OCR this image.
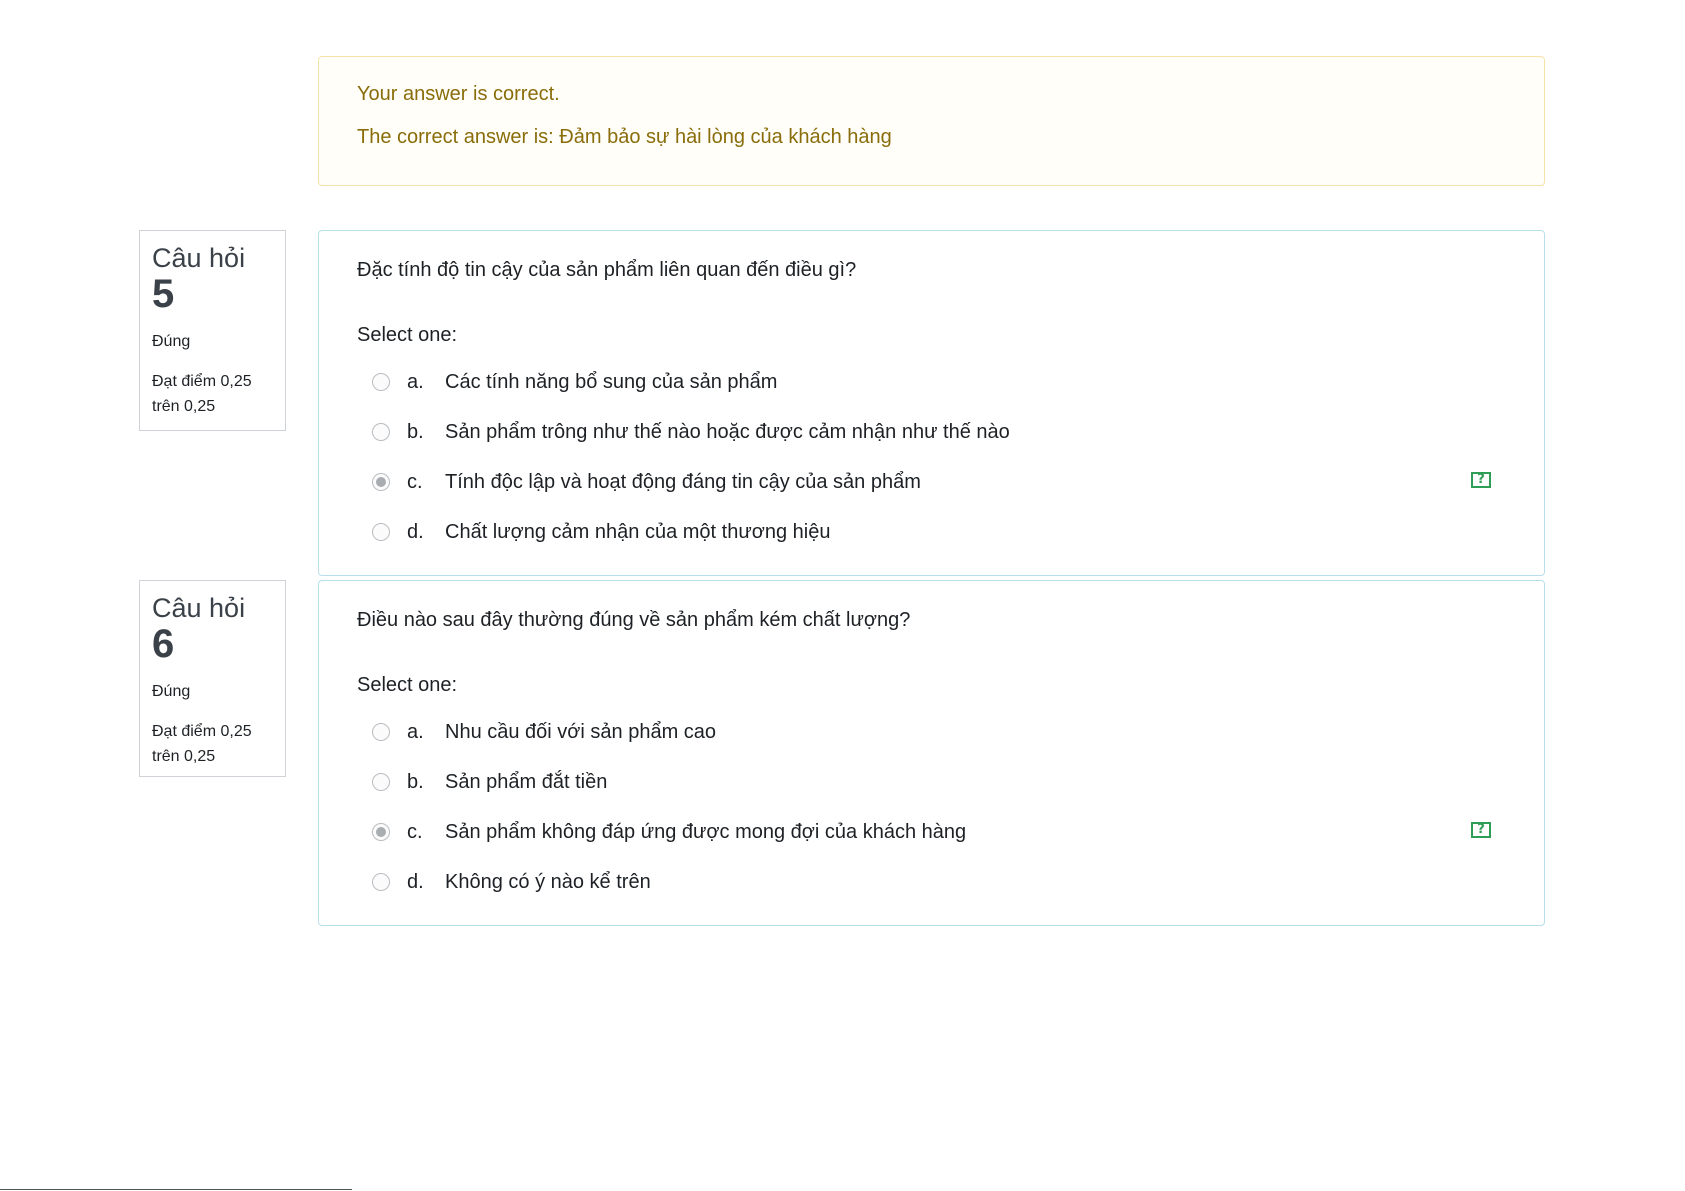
Your answer is correct.

The correct answer is: Đảm bảo sự hài lòng của khách hàng

Câu hỏi
5
Đúng
Đạt điểm 0,25
trên 0,25

Đặc tính độ tin cậy của sản phẩm liên quan đến điều gì?

Select one:
a.	Các tính năng bổ sung của sản phẩm
b.	Sản phẩm trông như thế nào hoặc được cảm nhận như thế nào
c.	Tính độc lập và hoạt động đáng tin cậy của sản phẩm	?
d.	Chất lượng cảm nhận của một thương hiệu
Câu hỏi
6
Đúng
Đạt điểm 0,25
trên 0,25

Điều nào sau đây thường đúng về sản phẩm kém chất lượng?

Select one:
a.	Nhu cầu đối với sản phẩm cao
b.	Sản phẩm đắt tiền
c.	Sản phẩm không đáp ứng được mong đợi của khách hàng	?
d.	Không có ý nào kể trên
